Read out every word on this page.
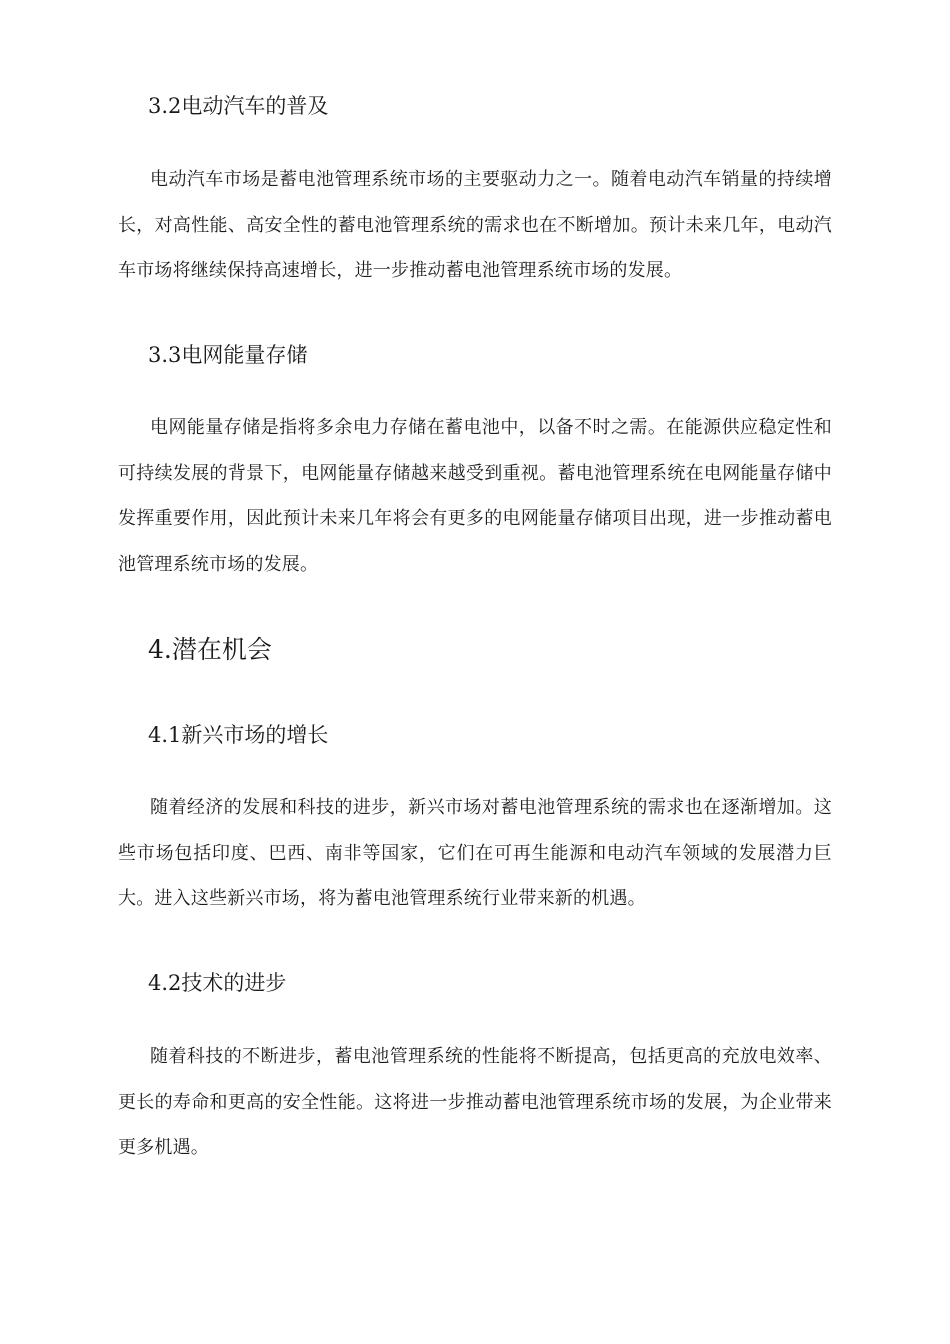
3.2电动汽车的普及
电动汽车市场是蓄电池管理系统市场的主要驱动力之一。随着电动汽车销量的持续增长，对高性能、高安全性的蓄电池管理系统的需求也在不断增加。预计未来几年，电动汽车市场将继续保持高速增长，进一步推动蓄电池管理系统市场的发展。
3.3电网能量存储
电网能量存储是指将多余电力存储在蓄电池中，以备不时之需。在能源供应稳定性和可持续发展的背景下，电网能量存储越来越受到重视。蓄电池管理系统在电网能量存储中发挥重要作用，因此预计未来几年将会有更多的电网能量存储项目出现，进一步推动蓄电池管理系统市场的发展。
4.潜在机会
4.1新兴市场的增长
随着经济的发展和科技的进步，新兴市场对蓄电池管理系统的需求也在逐渐增加。这些市场包括印度、巴西、南非等国家，它们在可再生能源和电动汽车领域的发展潜力巨大。进入这些新兴市场，将为蓄电池管理系统行业带来新的机遇。
4.2技术的进步
随着科技的不断进步，蓄电池管理系统的性能将不断提高，包括更高的充放电效率、更长的寿命和更高的安全性能。这将进一步推动蓄电池管理系统市场的发展，为企业带来更多机遇。
